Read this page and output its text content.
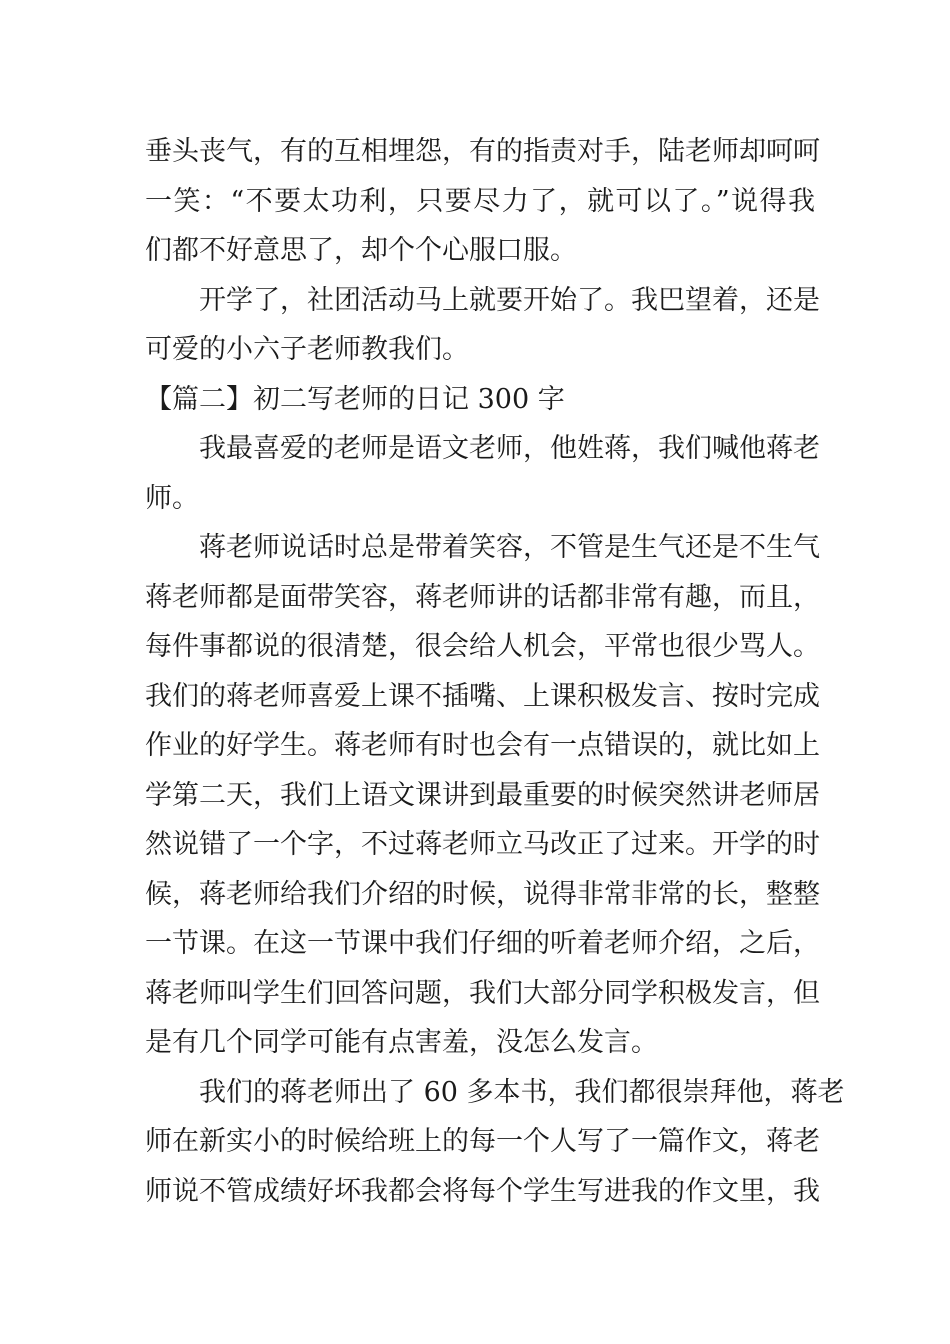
垂头丧气，有的互相埋怨，有的指责对手，陆老师却呵呵
一笑：“不要太功利，只要尽力了，就可以了。”说得我
们都不好意思了，却个个心服口服。
开学了，社团活动马上就要开始了。我巴望着，还是
可爱的小六子老师教我们。
【篇二】初二写老师的日记 300 字
我最喜爱的老师是语文老师，他姓蒋，我们喊他蒋老
师。
蒋老师说话时总是带着笑容，不管是生气还是不生气
蒋老师都是面带笑容，蒋老师讲的话都非常有趣，而且，
每件事都说的很清楚，很会给人机会，平常也很少骂人。
我们的蒋老师喜爱上课不插嘴、上课积极发言、按时完成
作业的好学生。蒋老师有时也会有一点错误的，就比如上
学第二天，我们上语文课讲到最重要的时候突然讲老师居
然说错了一个字，不过蒋老师立马改正了过来。开学的时
候，蒋老师给我们介绍的时候，说得非常非常的长，整整
一节课。在这一节课中我们仔细的听着老师介绍，之后，
蒋老师叫学生们回答问题，我们大部分同学积极发言，但
是有几个同学可能有点害羞，没怎么发言。
我们的蒋老师出了 60 多本书，我们都很崇拜他，蒋老
师在新实小的时候给班上的每一个人写了一篇作文，蒋老
师说不管成绩好坏我都会将每个学生写进我的作文里，我
